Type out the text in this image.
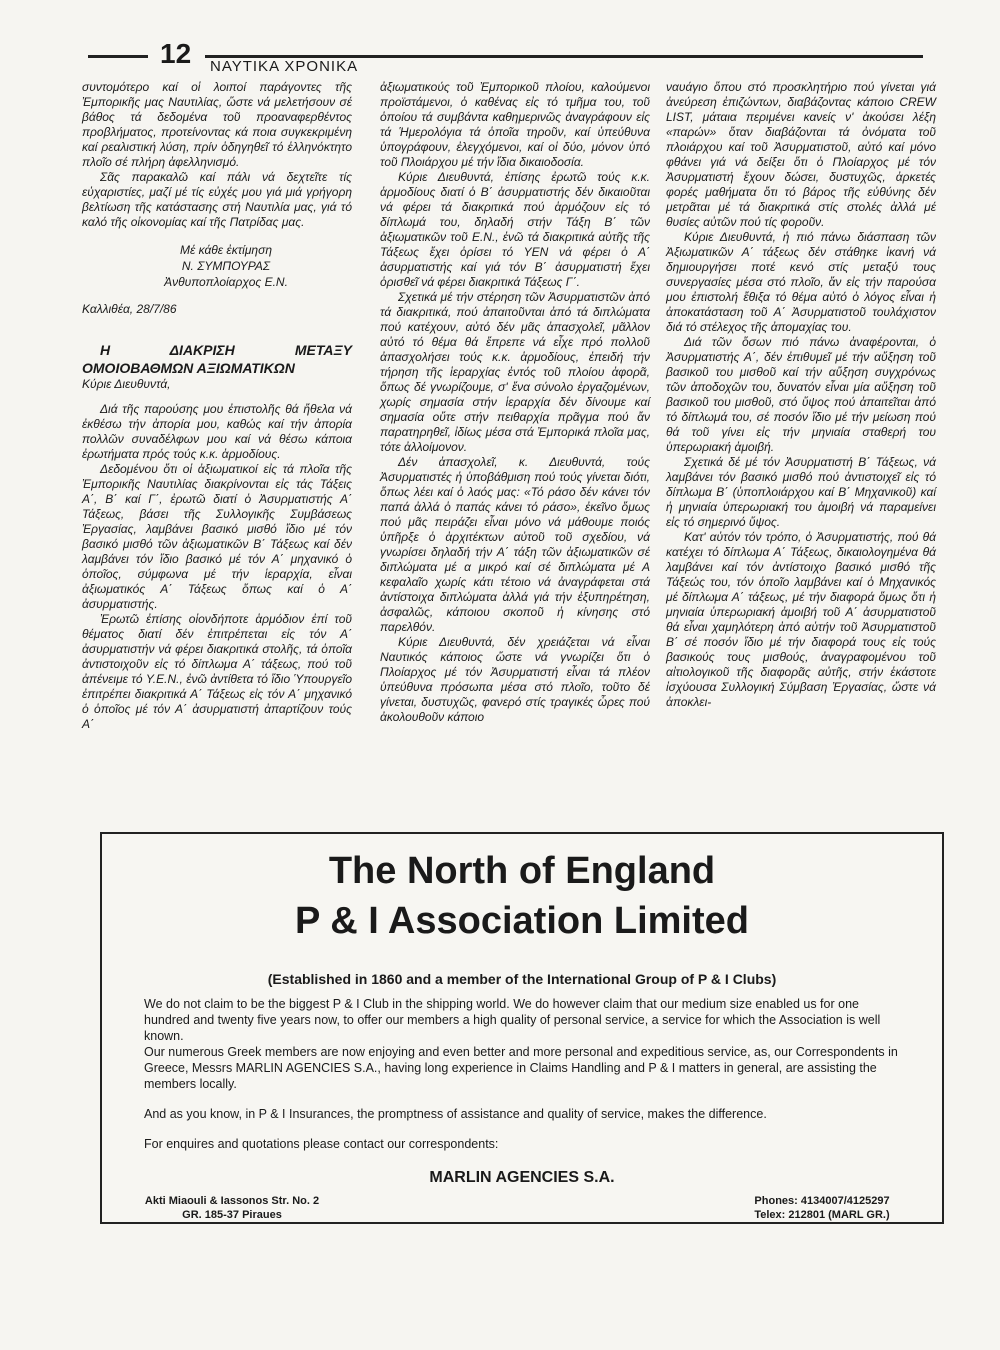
12 ΝΑΥΤΙΚΑ ΧΡΟΝΙΚΑ

συντομότερο καί οἱ λοιποί παράγοντες τῆς Ἐμπορικῆς μας Ναυτιλίας, ὥστε νά μελετήσουν σέ βάθος τά δεδομένα τοῦ προαναφερθέντος προβλήματος, προτείνοντας κά ποια συγκεκριμένη καί ρεαλιστική λύση, πρίν ὁδηγηθεῖ τό ἑλληνόκτητο πλοῖο σέ πλήρη ἀφελληνισμό.

Σᾶς παρακαλῶ καί πάλι νά δεχτεῖτε τίς εὐχαριστίες, μαζί μέ τίς εὐχές μου γιά μιά γρήγορη βελτίωση τῆς κατάστασης στή Ναυτιλία μας, γιά τό καλό τῆς οἰκονομίας καί τῆς Πατρίδας μας.

Μέ κάθε ἐκτίμηση

Ν. ΣΥΜΠΟΥΡΑΣ

Ἀνθυποπλοίαρχος Ε.Ν.

Καλλιθέα, 28/7/86

Η ΔΙΑΚΡΙΣΗ ΜΕΤΑΞΥ ΟΜΟΙΟΒΑΘΜΩΝ ΑΞΙΩΜΑΤΙΚΩΝ

Κύριε Διευθυντά,

Διά τῆς παρούσης μου ἐπιστολῆς θά ἤθελα νά ἐκθέσω τήν ἀπορία μου, καθώς καί τήν ἀπορία πολλῶν συναδέλφων μου καί νά θέσω κάποια ἐρωτήματα πρός τούς κ.κ. ἁρμοδίους.

Δεδομένου ὅτι οἱ ἀξιωματικοί εἰς τά πλοῖα τῆς Ἐμπορικῆς Ναυτιλίας διακρίνονται εἰς τάς Τάξεις Α΄, Β΄ καί Γ΄, ἐρωτῶ διατί ὁ Ἀσυρματιστής Α΄ Τάξεως, βάσει τῆς Συλλογικῆς Συμβάσεως Ἐργασίας, λαμβάνει βασικό μισθό ἴδιο μέ τόν βασικό μισθό τῶν ἀξιωματικῶν Β΄ Τάξεως καί δέν λαμβάνει τόν ἴδιο βασικό μέ τόν Α΄ μηχανικό ὁ ὁποῖος, σύμφωνα μέ τήν ἱεραρχία, εἶναι ἀξιωματικός Α΄ Τάξεως ὅπως καί ὁ Α΄ ἀσυρματιστής.

Ἐρωτῶ ἐπίσης οἱονδήποτε ἁρμόδιον ἐπί τοῦ θέματος διατί δέν ἐπιτρέπεται εἰς τόν Α΄ ἀσυρματιστήν νά φέρει διακριτικά στολῆς, τά ὁποῖα ἀντιστοιχοῦν εἰς τό δίπλωμα Α΄ τάξεως, πού τοῦ ἀπένειμε τό Υ.Ε.Ν., ἐνῶ ἀντίθετα τό ἴδιο Ὑπουργεῖο ἐπιτρέπει διακριτικά Α΄ Τάξεως εἰς τόν Α΄ μηχανικό ὁ ὁποῖος μέ τόν Α΄ ἀσυρματιστή ἀπαρτίζουν τούς Α΄

ἀξιωματικούς τοῦ Ἐμπορικοῦ πλοίου, καλούμενοι προϊστάμενοι, ὁ καθένας εἰς τό τμῆμα του, τοῦ ὁποίου τά συμβάντα καθημερινῶς ἀναγράφουν εἰς τά Ἡμερολόγια τά ὁποῖα τηροῦν, καί ὑπεύθυνα ὑπογράφουν, ἐλεγχόμενοι, καί οἱ δύο, μόνον ὑπό τοῦ Πλοιάρχου μέ τήν ἴδια δικαιοδοσία.

Κύριε Διευθυντά, ἐπίσης ἐρωτῶ τούς κ.κ. ἁρμοδίους διατί ὁ Β΄ ἀσυρματιστής δέν δικαιοῦται νά φέρει τά διακριτικά πού ἁρμόζουν εἰς τό δίπλωμά του, δηλαδή στήν Τάξη Β΄ τῶν ἀξιωματικῶν τοῦ Ε.Ν., ἐνῶ τά διακριτικά αὐτῆς τῆς Τάξεως ἔχει ὁρίσει τό ΥΕΝ νά φέρει ὁ Α΄ ἀσυρματιστής καί γιά τόν Β΄ ἀσυρματιστή ἔχει ὁρισθεῖ νά φέρει διακριτικά Τάξεως Γ΄.

Σχετικά μέ τήν στέρηση τῶν Ἀσυρματιστῶν ἀπό τά διακριτικά, πού ἀπαιτοῦνται ἀπό τά διπλώματα πού κατέχουν, αὐτό δέν μᾶς ἀπασχολεῖ, μᾶλλον αὐτό τό θέμα θά ἔπρεπε νά εἶχε πρό πολλοῦ ἀπασχολήσει τούς κ.κ. ἁρμοδίους, ἐπειδή τήν τήρηση τῆς ἱεραρχίας ἐντός τοῦ πλοίου ἀφορᾶ, ὅπως δέ γνωρίζουμε, σ' ἕνα σύνολο ἐργαζομένων, χωρίς σημασία στήν ἱεραρχία δέν δίνουμε καί σημασία οὔτε στήν πειθαρχία πρᾶγμα πού ἄν παρατηρηθεῖ, ἰδίως μέσα στά Ἐμπορικά πλοῖα μας, τότε ἀλλοίμονον.

Δέν ἀπασχολεῖ, κ. Διευθυντά, τούς Ἀσυρματιστές ἡ ὑποβάθμιση πού τούς γίνεται διότι, ὅπως λέει καί ὁ λαός μας: «Τό ράσο δέν κάνει τόν παπά ἀλλά ὁ παπάς κάνει τό ράσο», ἐκεῖνο ὅμως πού μᾶς πειράζει εἶναι μόνο νά μάθουμε ποιός ὑπῆρξε ὁ ἀρχιτέκτων αὐτοῦ τοῦ σχεδίου, νά γνωρίσει δηλαδή τήν Α΄ τάξη τῶν ἀξιωματικῶν σέ διπλώματα μέ α μικρό καί σέ διπλώματα μέ Α κεφαλαῖο χωρίς κάτι τέτοιο νά ἀναγράφεται στά ἀντίστοιχα διπλώματα ἀλλά γιά τήν ἐξυπηρέτηση, ἀσφαλῶς, κάποιου σκοποῦ ἡ κίνησης στό παρελθόν.

Κύριε Διευθυντά, δέν χρειάζεται νά εἶναι Ναυτικός κάποιος ὥστε νά γνωρίζει ὅτι ὁ Πλοίαρχος μέ τόν Ἀσυρματιστή εἶναι τά πλέον ὑπεύθυνα πρόσωπα μέσα στό πλοῖο, τοῦτο δέ γίνεται, δυστυχῶς, φανερό στίς τραγικές ὧρες πού ἀκολουθοῦν κάποιο

ναυάγιο ὅπου στό προσκλητήριο πού γίνεται γιά ἀνεύρεση ἐπιζώντων, διαβάζοντας κάποιο CREW LIST, μάταια περιμένει κανείς ν' ἀκούσει λέξη «παρών» ὅταν διαβάζονται τά ὀνόματα τοῦ πλοιάρχου καί τοῦ Ἀσυρματιστοῦ, αὐτό καί μόνο φθάνει γιά νά δείξει ὅτι ὁ Πλοίαρχος μέ τόν Ἀσυρματιστή ἔχουν δώσει, δυστυχῶς, ἀρκετές φορές μαθήματα ὅτι τό βάρος τῆς εὐθύνης δέν μετρᾶται μέ τά διακριτικά στίς στολές ἀλλά μέ θυσίες αὐτῶν πού τίς φοροῦν.

Κύριε Διευθυντά, ἡ πιό πάνω διάσπαση τῶν Ἀξιωματικῶν Α΄ τάξεως δέν στάθηκε ἱκανή νά δημιουργήσει ποτέ κενό στίς μεταξύ τους συνεργασίες μέσα στό πλοῖο, ἄν εἰς τήν παρούσα μου ἐπιστολή ἔθιξα τό θέμα αὐτό ὁ λόγος εἶναι ἡ ἀποκατάσταση τοῦ Α΄ Ἀσυρματιστοῦ τουλάχιστον διά τό στέλεχος τῆς ἀπομαχίας του.

Διά τῶν ὅσων πιό πάνω ἀναφέρονται, ὁ Ἀσυρματιστής Α΄, δέν ἐπιθυμεῖ μέ τήν αὔξηση τοῦ βασικοῦ του μισθοῦ καί τήν αὔξηση συγχρόνως τῶν ἀποδοχῶν του, δυνατόν εἶναι μία αὔξηση τοῦ βασικοῦ του μισθοῦ, στό ὕψος πού ἀπαιτεῖται ἀπό τό δίπλωμά του, σέ ποσόν ἴδιο μέ τήν μείωση πού θά τοῦ γίνει εἰς τήν μηνιαία σταθερή του ὑπερωριακή ἀμοιβή.

Σχετικά δέ μέ τόν Ἀσυρματιστή Β΄ Τάξεως, νά λαμβάνει τόν βασικό μισθό πού ἀντιστοιχεῖ εἰς τό δίπλωμα Β΄ (ὑποπλοιάρχου καί Β΄ Μηχανικοῦ) καί ἡ μηνιαία ὑπερωριακή του ἀμοιβή νά παραμείνει εἰς τό σημερινό ὕψος.

Κατ' αὐτόν τόν τρόπο, ὁ Ἀσυρματιστής, πού θά κατέχει τό δίπλωμα Α΄ Τάξεως, δικαιολογημένα θά λαμβάνει καί τόν ἀντίστοιχο βασικό μισθό τῆς Τάξεώς του, τόν ὁποῖο λαμβάνει καί ὁ Μηχανικός μέ δίπλωμα Α΄ τάξεως, μέ τήν διαφορά ὅμως ὅτι ἡ μηνιαία ὑπερωριακή ἀμοιβή τοῦ Α΄ ἀσυρματιστοῦ θά εἶναι χαμηλότερη ἀπό αὐτήν τοῦ Ἀσυρματιστοῦ Β΄ σέ ποσόν ἴδιο μέ τήν διαφορά τους εἰς τούς βασικούς τους μισθούς, ἀναγραφομένου τοῦ αἰτιολογικοῦ τῆς διαφορᾶς αὐτῆς, στήν ἑκάστοτε ἰσχύουσα Συλλογική Σύμβαση Ἐργασίας, ὥστε νά ἀποκλει-

The North of England
P & I Association Limited
(Established in 1860 and a member of the International Group of P & I Clubs)

We do not claim to be the biggest P & I Club in the shipping world. We do however claim that our medium size enabled us for one hundred and twenty five years now, to offer our members a high quality of personal service, a service for which the Association is well known.

Our numerous Greek members are now enjoying and even better and more personal and expeditious service, as, our Correspondents in Greece, Messrs MARLIN AGENCIES S.A., having long experience in Claims Handling and P & I matters in general, are assisting the members locally.

And as you know, in P & I Insurances, the promptness of assistance and quality of service, makes the difference.

For enquires and quotations please contact our correspondents:

MARLIN AGENCIES S.A.
Akti Miaouli & Iassonos Str. No. 2
GR. 185-37 Piraues
Phones: 4134007/4125297
Telex: 212801 (MARL GR.)
